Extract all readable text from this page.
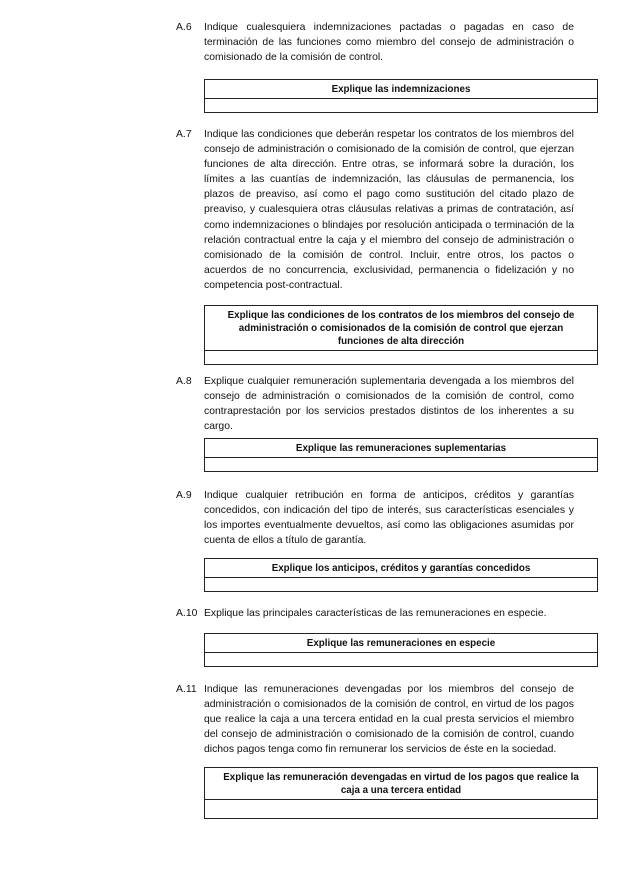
A.6	Indique cualesquiera indemnizaciones pactadas o pagadas en caso de terminación de las funciones como miembro del consejo de administración o comisionado de la comisión de control.
Explique las indemnizaciones
A.7	Indique las condiciones que deberán respetar los contratos de los miembros del consejo de administración o comisionado de la comisión de control, que ejerzan funciones de alta dirección. Entre otras, se informará sobre la duración, los límites a las cuantías de indemnización, las cláusulas de permanencia, los plazos de preaviso, así como el pago como sustitución del citado plazo de preaviso, y cualesquiera otras cláusulas relativas a primas de contratación, así como indemnizaciones o blindajes por resolución anticipada o terminación de la relación contractual entre la caja y el miembro del consejo de administración o comisionado de la comisión de control. Incluir, entre otros, los pactos o acuerdos de no concurrencia, exclusividad, permanencia o fidelización y no competencia post-contractual.
Explique las condiciones de los contratos de los miembros del consejo de administración o comisionados de la comisión de control que ejerzan funciones de alta dirección
A.8	Explique cualquier remuneración suplementaria devengada a los miembros del consejo de administración o comisionados de la comisión de control, como contraprestación por los servicios prestados distintos de los inherentes a su cargo.
Explique las remuneraciones suplementarias
A.9	Indique cualquier retribución en forma de anticipos, créditos y garantías concedidos, con indicación del tipo de interés, sus características esenciales y los importes eventualmente devueltos, así como las obligaciones asumidas por cuenta de ellos a título de garantía.
Explique los anticipos, créditos y garantías concedidos
A.10 Explique las principales características de las remuneraciones en especie.
Explique las remuneraciones en especie
A.11 Indique las remuneraciones devengadas por los miembros del consejo de administración o comisionados de la comisión de control, en virtud de los pagos que realice la caja a una tercera entidad en la cual presta servicios el miembro del consejo de administración o comisionado de la comisión de control, cuando dichos pagos tenga como fin remunerar los servicios de éste en la sociedad.
Explique las remuneración devengadas en virtud de los pagos que realice la caja a una tercera entidad
